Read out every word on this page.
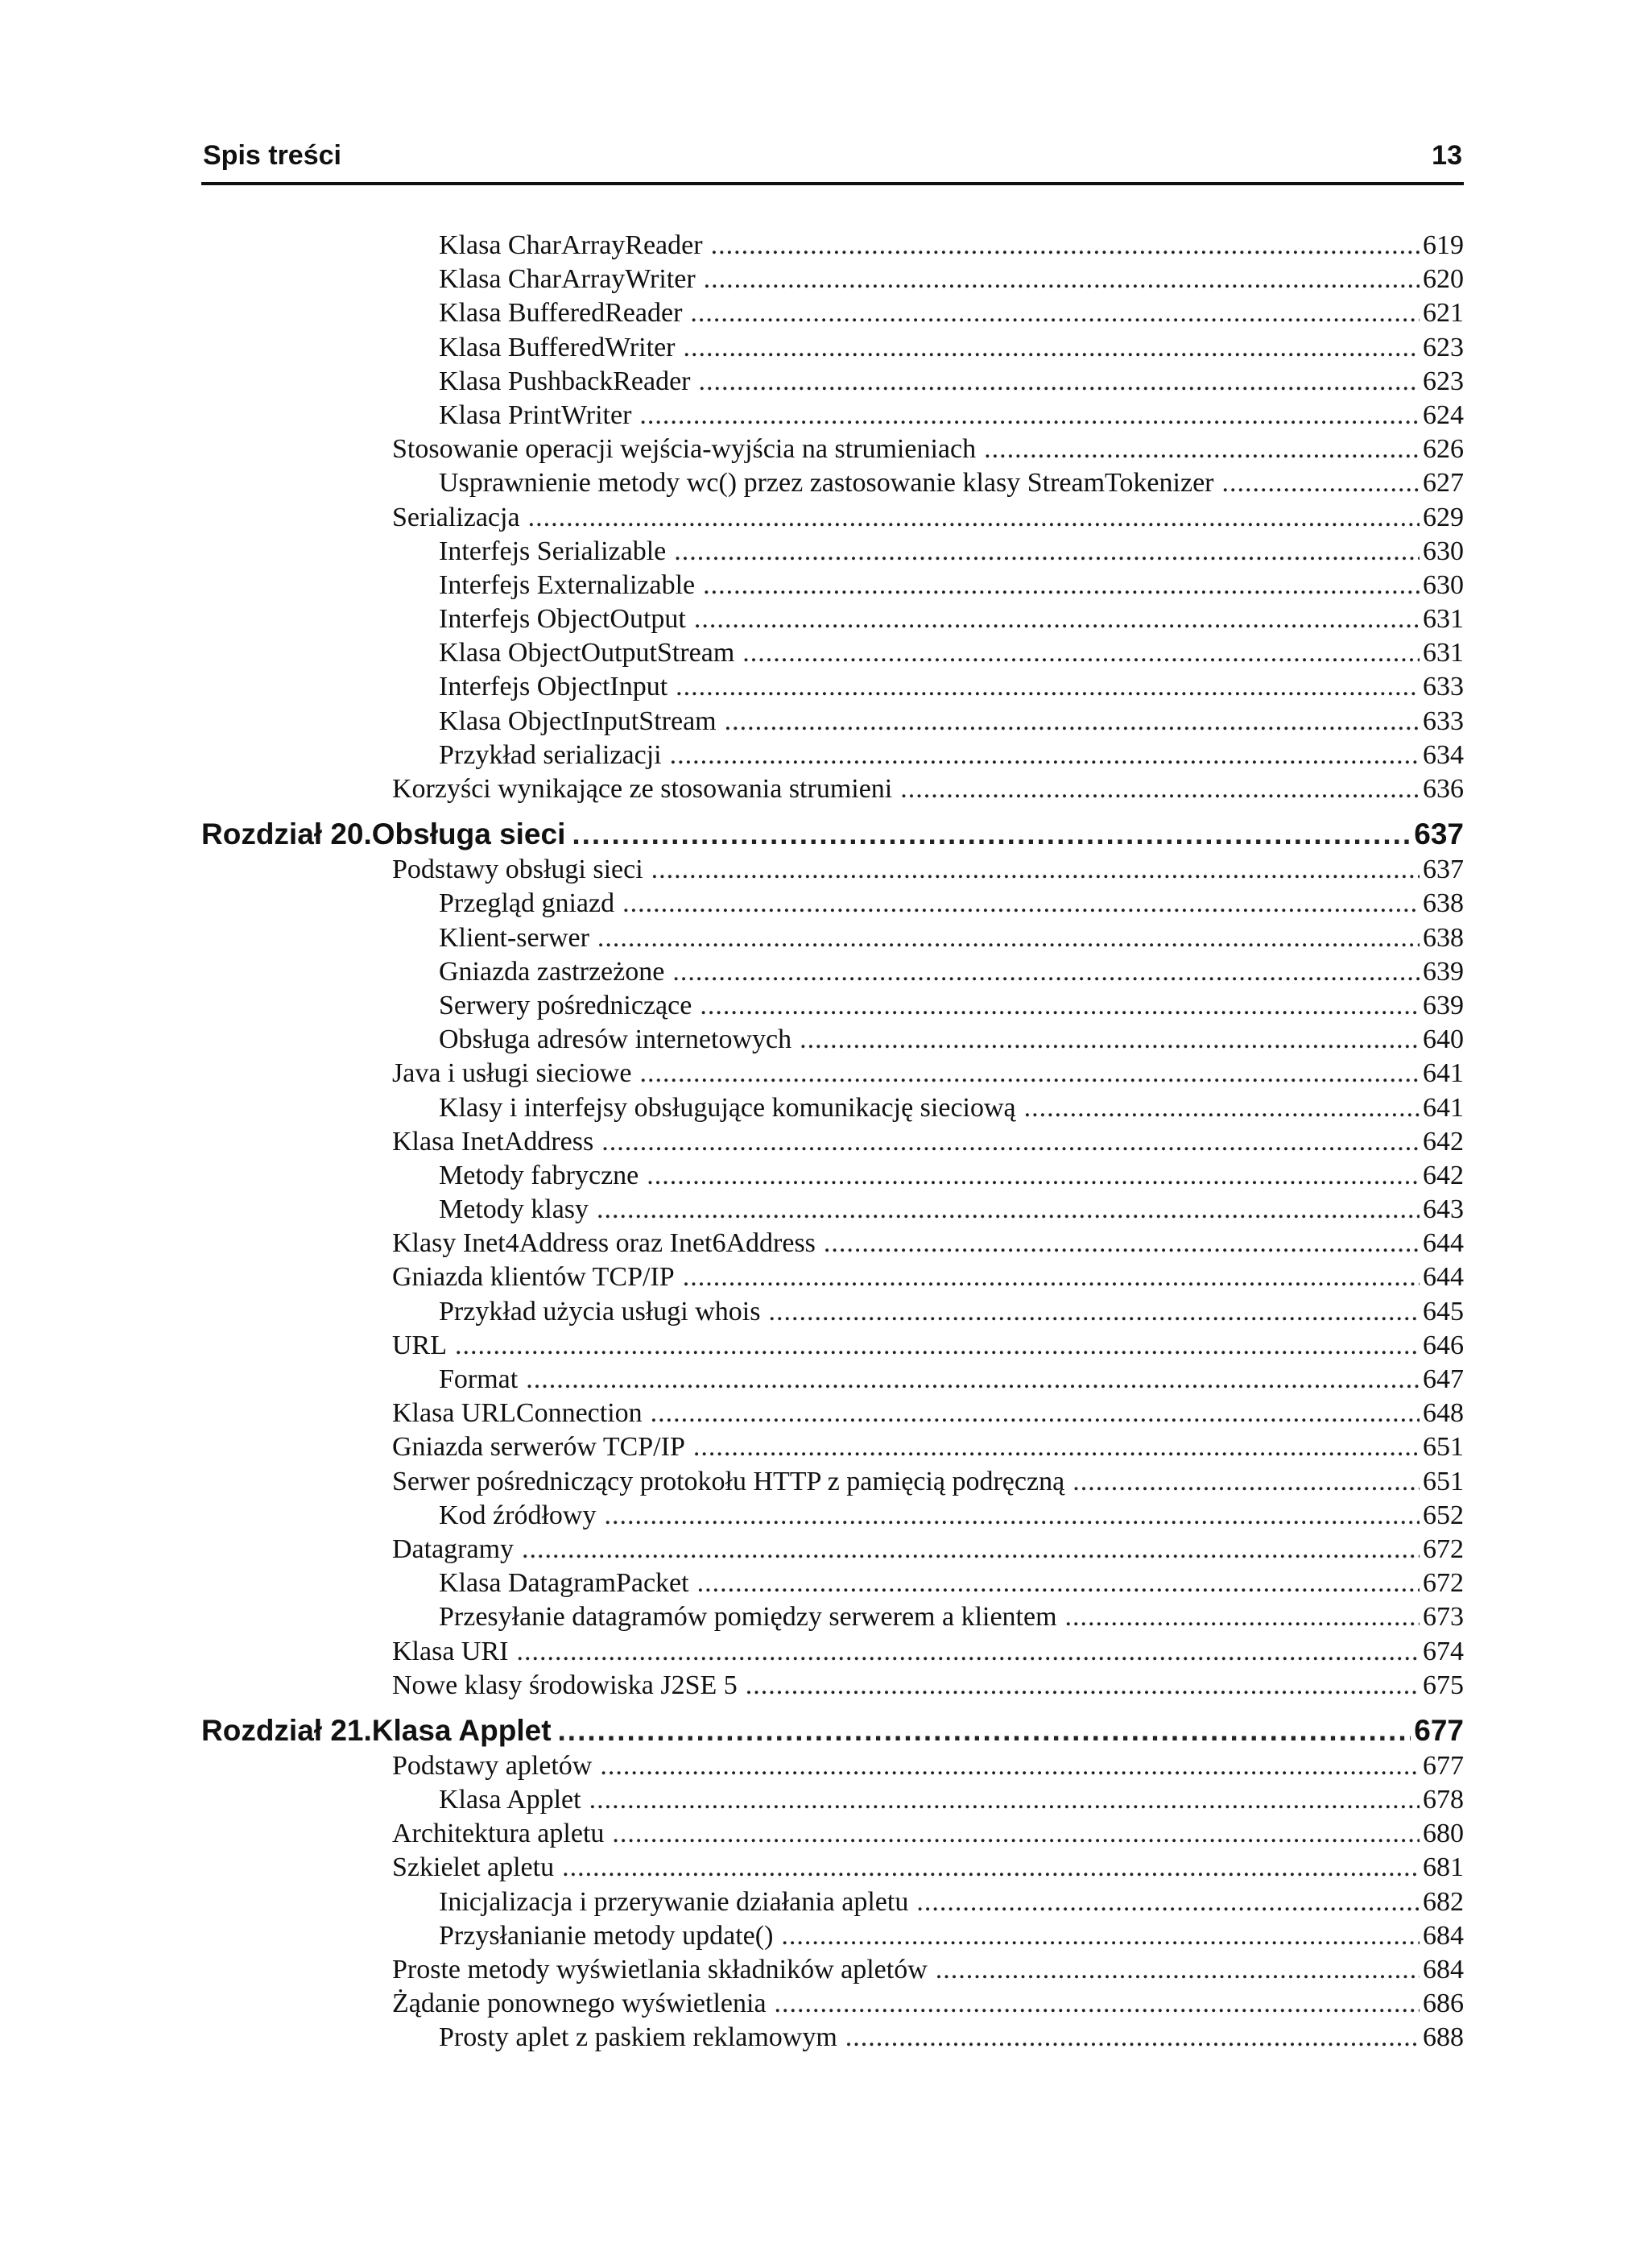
Spis treści	13
Klasa CharArrayReader .....	619
Klasa CharArrayWriter .....	620
Klasa BufferedReader .....	621
Klasa BufferedWriter .....	623
Klasa PushbackReader .....	623
Klasa PrintWriter .....	624
Stosowanie operacji wejścia-wyjścia na strumieniach .....	626
Usprawnienie metody wc() przez zastosowanie klasy StreamTokenizer .....	627
Serializacja .....	629
Interfejs Serializable .....	630
Interfejs Externalizable .....	630
Interfejs ObjectOutput .....	631
Klasa ObjectOutputStream .....	631
Interfejs ObjectInput .....	633
Klasa ObjectInputStream .....	633
Przykład serializacji .....	634
Korzyści wynikające ze stosowania strumieni .....	636
Rozdział 20. Obsługa sieci .....	637
Podstawy obsługi sieci .....	637
Przegląd gniazd .....	638
Klient-serwer .....	638
Gniazda zastrzeżone .....	639
Serwery pośredniczące .....	639
Obsługa adresów internetowych .....	640
Java i usługi sieciowe .....	641
Klasy i interfejsy obsługujące komunikację sieciową .....	641
Klasa InetAddress .....	642
Metody fabryczne .....	642
Metody klasy .....	643
Klasy Inet4Address oraz Inet6Address .....	644
Gniazda klientów TCP/IP .....	644
Przykład użycia usługi whois .....	645
URL .....	646
Format .....	647
Klasa URLConnection .....	648
Gniazda serwerów TCP/IP .....	651
Serwer pośredniczący protokołu HTTP z pamięcią podręczną .....	651
Kod źródłowy .....	652
Datagramy .....	672
Klasa DatagramPacket .....	672
Przesyłanie datagramów pomiędzy serwerem a klientem .....	673
Klasa URI .....	674
Nowe klasy środowiska J2SE 5 .....	675
Rozdział 21. Klasa Applet .....	677
Podstawy apletów .....	677
Klasa Applet .....	678
Architektura apletu .....	680
Szkielet apletu .....	681
Inicjalizacja i przerywanie działania apletu .....	682
Przysłanianie metody update() .....	684
Proste metody wyświetlania składników apletów .....	684
Żądanie ponownego wyświetlenia .....	686
Prosty aplet z paskiem reklamowym .....	688
